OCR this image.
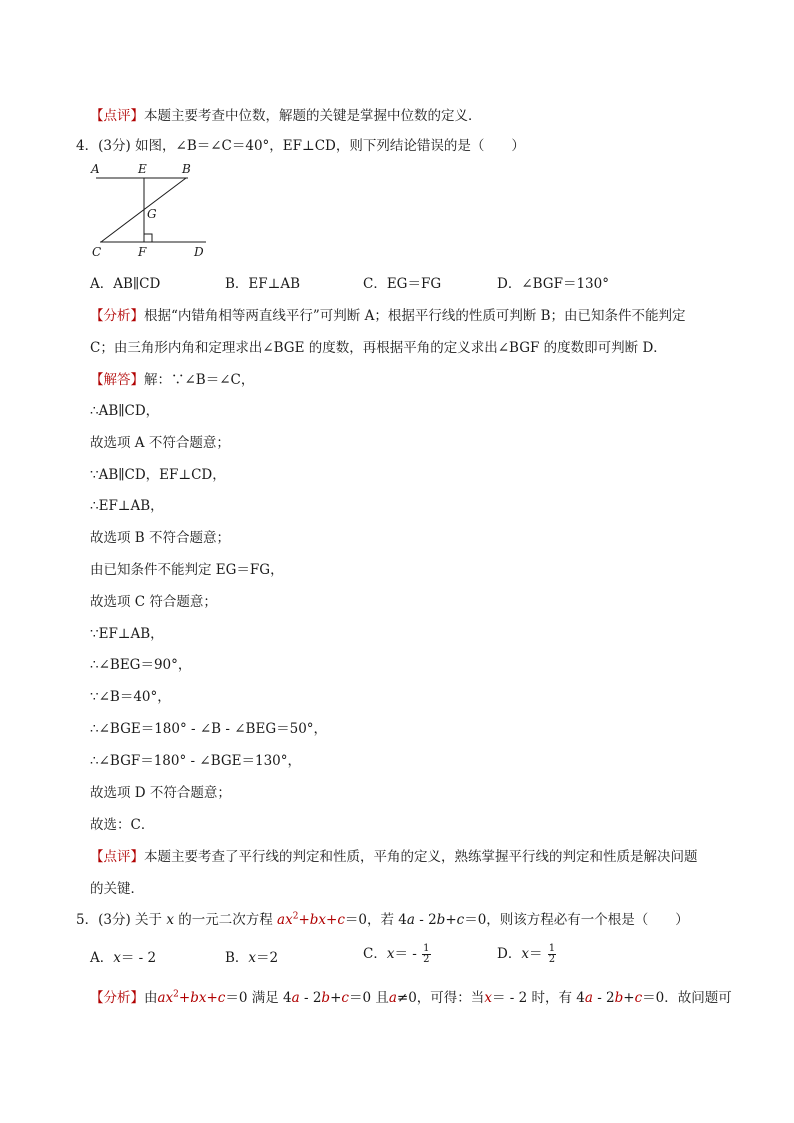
【点评】本题主要考查中位数，解题的关键是掌握中位数的定义．
4．(3分) 如图，∠B＝∠C＝40°，EF⊥CD，则下列结论错误的是（　　）
A	E	B
G
C	F	D
A．AB∥CD	B．EF⊥AB	C．EG＝FG	D．∠BGF＝130°
【分析】根据“内错角相等两直线平行”可判断 A；根据平行线的性质可判断 B；由已知条件不能判定
C；由三角形内角和定理求出∠BGE 的度数，再根据平角的定义求出∠BGF 的度数即可判断 D．
【解答】解：∵∠B＝∠C，
∴AB∥CD，
故选项 A 不符合题意；
∵AB∥CD，EF⊥CD，
∴EF⊥AB，
故选项 B 不符合题意；
由已知条件不能判定 EG＝FG，
故选项 C 符合题意；
∵EF⊥AB，
∴∠BEG＝90°，
∵∠B＝40°，
∴∠BGE＝180° - ∠B - ∠BEG＝50°，
∴∠BGF＝180° - ∠BGE＝130°，
故选项 D 不符合题意；
故选：C．
【点评】本题主要考查了平行线的判定和性质，平角的定义，熟练掌握平行线的判定和性质是解决问题
的关键．
5．(3分) 关于 x 的一元二次方程 $ax^2+bx+c=0$，若 4a - 2b+c＝0，则该方程必有一个根是（　　）
A．x＝ - 2	B．x＝2	C．$x= - \frac{1}{2}$	D．$x= \frac{1}{2}$
【分析】由$ax^2+bx+c=0$ 满足 4a - 2b+c＝0 且a≠0，可得：当x＝ - 2 时，有 4a - 2b+c＝0．故问题可
